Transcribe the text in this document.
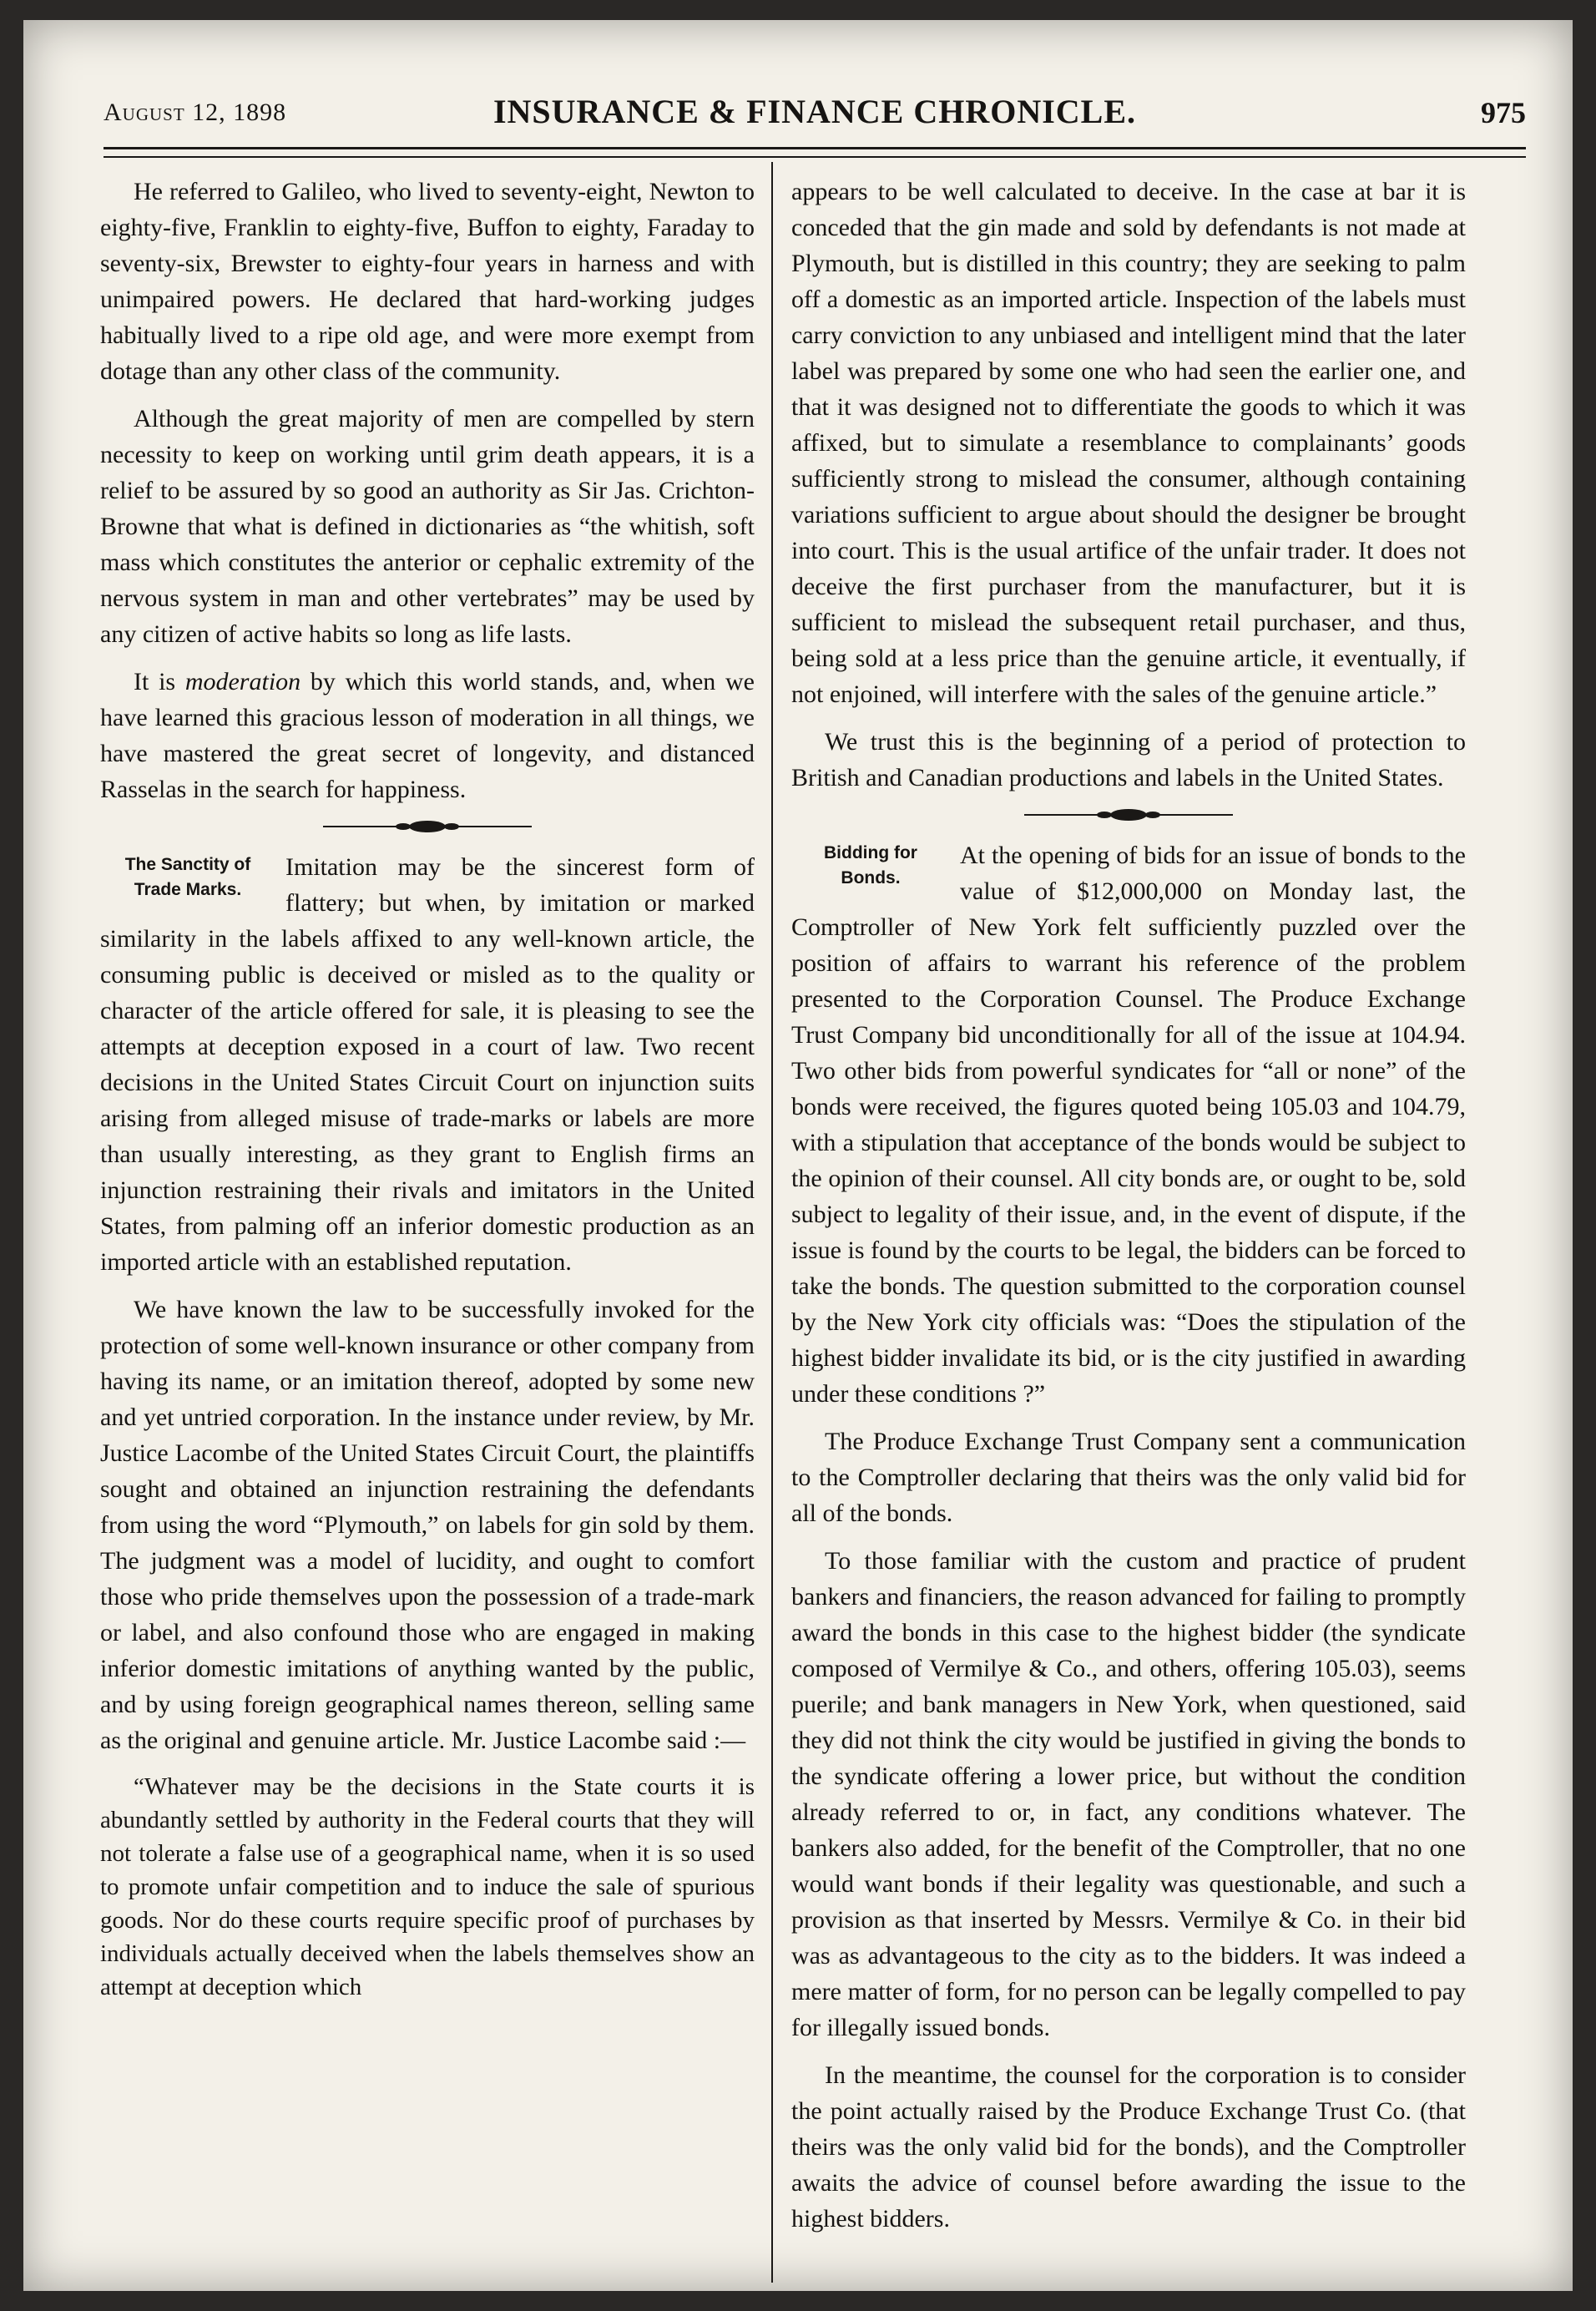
August 12, 1898	INSURANCE & FINANCE CHRONICLE.	975

He referred to Galileo, who lived to seventy-eight, Newton to eighty-five, Franklin to eighty-five, Buffon to eighty, Faraday to seventy-six, Brewster to eighty-four years in harness and with unimpaired powers. He declared that hard-working judges habitually lived to a ripe old age, and were more exempt from dotage than any other class of the community.

Although the great majority of men are compelled by stern necessity to keep on working until grim death appears, it is a relief to be assured by so good an authority as Sir Jas. Crichton-Browne that what is defined in dictionaries as “the whitish, soft mass which constitutes the anterior or cephalic extremity of the nervous system in man and other vertebrates” may be used by any citizen of active habits so long as life lasts.

It is moderation by which this world stands, and, when we have learned this gracious lesson of moderation in all things, we have mastered the great secret of longevity, and distanced Rasselas in the search for happiness.

The Sanctity of
Trade Marks.

Imitation may be the sincerest form of flattery; but when, by imitation or marked similarity in the labels affixed to any well-known article, the consuming public is deceived or misled as to the quality or character of the article offered for sale, it is pleasing to see the attempts at deception exposed in a court of law. Two recent decisions in the United States Circuit Court on injunction suits arising from alleged misuse of trade-marks or labels are more than usually interesting, as they grant to English firms an injunction restraining their rivals and imitators in the United States, from palming off an inferior domestic production as an imported article with an established reputation.

We have known the law to be successfully invoked for the protection of some well-known insurance or other company from having its name, or an imitation thereof, adopted by some new and yet untried corporation. In the instance under review, by Mr. Justice Lacombe of the United States Circuit Court, the plaintiffs sought and obtained an injunction restraining the defendants from using the word “Plymouth,” on labels for gin sold by them. The judgment was a model of lucidity, and ought to comfort those who pride themselves upon the possession of a trade-mark or label, and also confound those who are engaged in making inferior domestic imitations of anything wanted by the public, and by using foreign geographical names thereon, selling same as the original and genuine article. Mr. Justice Lacombe said :—

“Whatever may be the decisions in the State courts it is abundantly settled by authority in the Federal courts that they will not tolerate a false use of a geographical name, when it is so used to promote unfair competition and to induce the sale of spurious goods. Nor do these courts require specific proof of purchases by individuals actually deceived when the labels themselves show an attempt at deception which

appears to be well calculated to deceive. In the case at bar it is conceded that the gin made and sold by defendants is not made at Plymouth, but is distilled in this country; they are seeking to palm off a domestic as an imported article. Inspection of the labels must carry conviction to any unbiased and intelligent mind that the later label was prepared by some one who had seen the earlier one, and that it was designed not to differentiate the goods to which it was affixed, but to simulate a resemblance to complainants’ goods sufficiently strong to mislead the consumer, although containing variations sufficient to argue about should the designer be brought into court. This is the usual artifice of the unfair trader. It does not deceive the first purchaser from the manufacturer, but it is sufficient to mislead the subsequent retail purchaser, and thus, being sold at a less price than the genuine article, it eventually, if not enjoined, will interfere with the sales of the genuine article.”

We trust this is the beginning of a period of protection to British and Canadian productions and labels in the United States.

Bidding for
Bonds.

At the opening of bids for an issue of bonds to the value of $12,000,000 on Monday last, the Comptroller of New York felt sufficiently puzzled over the position of affairs to warrant his reference of the problem presented to the Corporation Counsel. The Produce Exchange Trust Company bid unconditionally for all of the issue at 104.94. Two other bids from powerful syndicates for “all or none” of the bonds were received, the figures quoted being 105.03 and 104.79, with a stipulation that acceptance of the bonds would be subject to the opinion of their counsel. All city bonds are, or ought to be, sold subject to legality of their issue, and, in the event of dispute, if the issue is found by the courts to be legal, the bidders can be forced to take the bonds. The question submitted to the corporation counsel by the New York city officials was: “Does the stipulation of the highest bidder invalidate its bid, or is the city justified in awarding under these conditions ?”

The Produce Exchange Trust Company sent a communication to the Comptroller declaring that theirs was the only valid bid for all of the bonds.

To those familiar with the custom and practice of prudent bankers and financiers, the reason advanced for failing to promptly award the bonds in this case to the highest bidder (the syndicate composed of Vermilye & Co., and others, offering 105.03), seems puerile; and bank managers in New York, when questioned, said they did not think the city would be justified in giving the bonds to the syndicate offering a lower price, but without the condition already referred to or, in fact, any conditions whatever. The bankers also added, for the benefit of the Comptroller, that no one would want bonds if their legality was questionable, and such a provision as that inserted by Messrs. Vermilye & Co. in their bid was as advantageous to the city as to the bidders. It was indeed a mere matter of form, for no person can be legally compelled to pay for illegally issued bonds.

In the meantime, the counsel for the corporation is to consider the point actually raised by the Produce Exchange Trust Co. (that theirs was the only valid bid for the bonds), and the Comptroller awaits the advice of counsel before awarding the issue to the highest bidders.
